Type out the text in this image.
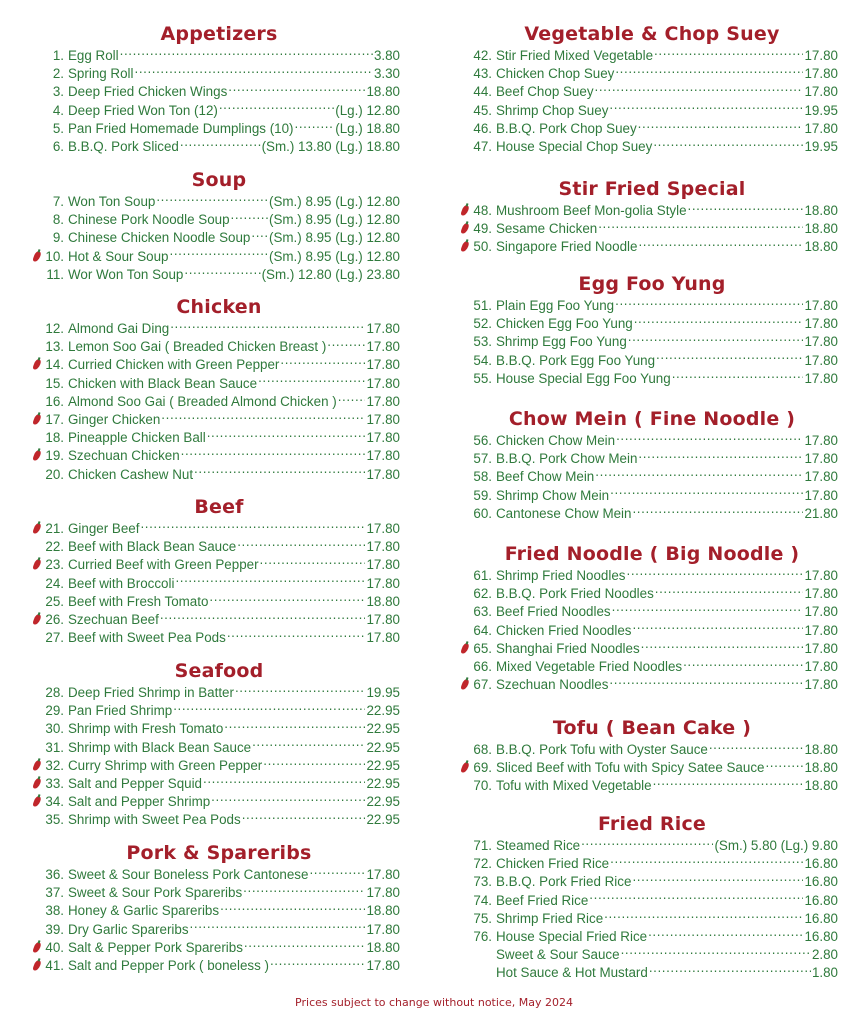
Appetizers
1. Egg Roll .....	3.80
2. Spring Roll .....	3.30
3. Deep Fried Chicken Wings .....	18.80
4. Deep Fried Won Ton (12) .....	(Lg.) 12.80
5. Pan Fried Homemade Dumplings (10) .....	(Lg.) 18.80
6. B.B.Q. Pork Sliced .....	(Sm.) 13.80 (Lg.) 18.80
Soup
7. Won Ton Soup .....	(Sm.) 8.95 (Lg.) 12.80
8. Chinese Pork Noodle Soup .....	(Sm.) 8.95 (Lg.) 12.80
9. Chinese Chicken Noodle Soup ..... (Sm.) 8.95 (Lg.) 12.80
10. Hot & Sour Soup .....	(Sm.) 8.95 (Lg.) 12.80
11. Wor Won Ton Soup .....	(Sm.) 12.80 (Lg.) 23.80
Chicken
12. Almond Gai Ding .....	17.80
13. Lemon Soo Gai ( Breaded Chicken Breast ) .....	17.80
14. Curried Chicken with Green Pepper .....	17.80
15. Chicken with Black Bean Sauce .....	17.80
16. Almond Soo Gai ( Breaded Almond Chicken ) ..... 17.80
17. Ginger Chicken .....	17.80
18. Pineapple Chicken Ball .....	17.80
19. Szechuan Chicken .....	17.80
20. Chicken Cashew Nut .....	17.80
Beef
21. Ginger Beef .....	17.80
22. Beef with Black Bean Sauce .....	17.80
23. Curried Beef with Green Pepper .....	17.80
24. Beef with Broccoli .....	17.80
25. Beef with Fresh Tomato .....	18.80
26. Szechuan Beef .....	17.80
27. Beef with Sweet Pea Pods .....	17.80
Seafood
28. Deep Fried Shrimp in Batter .....	19.95
29. Pan Fried Shrimp .....	22.95
30. Shrimp with Fresh Tomato .....	22.95
31. Shrimp with Black Bean Sauce .....	22.95
32. Curry Shrimp with Green Pepper .....	22.95
33. Salt and Pepper Squid .....	22.95
34. Salt and Pepper Shrimp .....	22.95
35. Shrimp with Sweet Pea Pods .....	22.95
Pork & Spareribs
36. Sweet & Sour Boneless Pork Cantonese .....	17.80
37. Sweet & Sour Pork Spareribs .....	17.80
38. Honey & Garlic Spareribs .....	18.80
39. Dry Garlic Spareribs .....	17.80
40. Salt & Pepper Pork Spareribs .....	18.80
41. Salt and Pepper Pork ( boneless ) .....	17.80
Vegetable & Chop Suey
42. Stir Fried Mixed Vegetable .....	17.80
43. Chicken Chop Suey .....	17.80
44. Beef Chop Suey .....	17.80
45. Shrimp Chop Suey .....	19.95
46. B.B.Q. Pork Chop Suey .....	17.80
47. House Special Chop Suey .....	19.95
Stir Fried Special
48. Mushroom Beef Mon-golia Style .....	18.80
49. Sesame Chicken .....	18.80
50. Singapore Fried Noodle .....	18.80
Egg Foo Yung
51. Plain Egg Foo Yung .....	17.80
52. Chicken Egg Foo Yung .....	17.80
53. Shrimp Egg Foo Yung .....	17.80
54. B.B.Q. Pork Egg Foo Yung .....	17.80
55. House Special Egg Foo Yung .....	17.80
Chow Mein ( Fine Noodle )
56. Chicken Chow Mein .....	17.80
57. B.B.Q. Pork Chow Mein .....	17.80
58. Beef Chow Mein .....	17.80
59. Shrimp Chow Mein .....	17.80
60. Cantonese Chow Mein .....	21.80
Fried Noodle ( Big Noodle )
61. Shrimp Fried Noodles .....	17.80
62. B.B.Q. Pork Fried Noodles .....	17.80
63. Beef Fried Noodles .....	17.80
64. Chicken Fried Noodles .....	17.80
65. Shanghai Fried Noodles .....	17.80
66. Mixed Vegetable Fried Noodles .....	17.80
67. Szechuan Noodles .....	17.80
Tofu ( Bean Cake )
68. B.B.Q. Pork Tofu with Oyster Sauce .....	18.80
69. Sliced Beef with Tofu with Spicy Satee Sauce .....	18.80
70. Tofu with Mixed Vegetable .....	18.80
Fried Rice
71. Steamed Rice .....	(Sm.) 5.80 (Lg.) 9.80
72. Chicken Fried Rice .....	16.80
73. B.B.Q. Pork Fried Rice .....	16.80
74. Beef Fried Rice .....	16.80
75. Shrimp Fried Rice .....	16.80
76. House Special Fried Rice .....	16.80
Sweet & Sour Sauce .....	2.80
Hot Sauce & Hot Mustard .....	1.80
Prices subject to change without notice, May 2024
